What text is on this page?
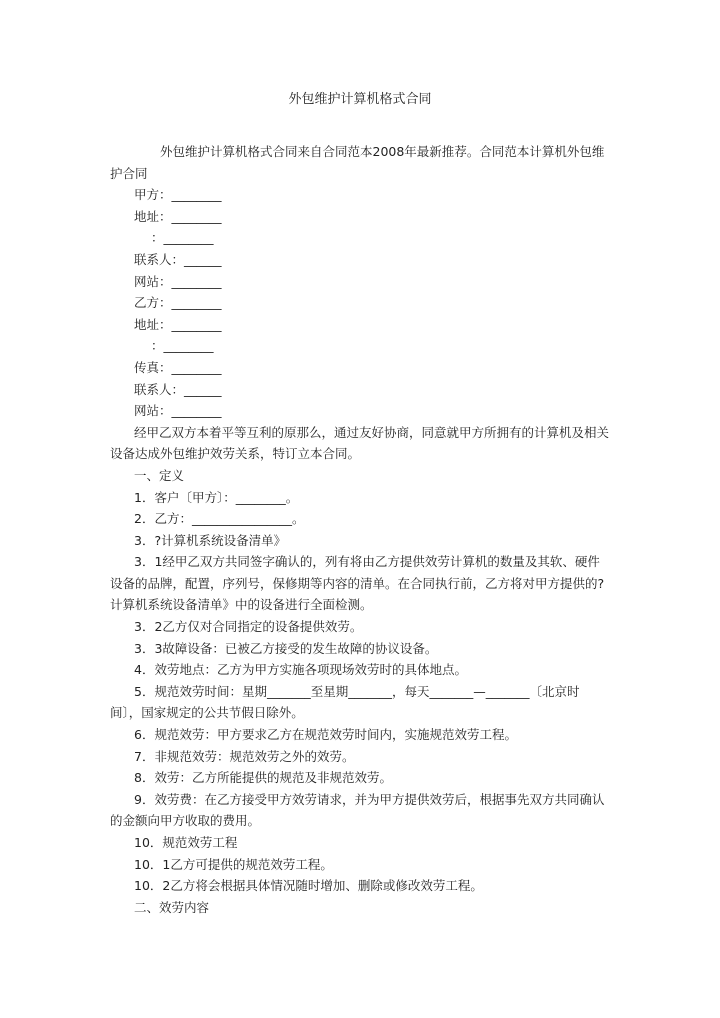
外包维护计算机格式合同
外包维护计算机格式合同来自合同范本2008年最新推荐。合同范本计算机外包维
护合同
甲方：________
地址：________
：________
联系人：______
网站：________
乙方：________
地址：________
：________
传真：________
联系人：______
网站：________
经甲乙双方本着平等互利的原那么，通过友好协商，同意就甲方所拥有的计算机及相关
设备达成外包维护效劳关系，特订立本合同。
一、定义
1．客户〔甲方〕：________。
2．乙方：________________。
3．?计算机系统设备清单》
3．1经甲乙双方共同签字确认的，列有将由乙方提供效劳计算机的数量及其软、硬件
设备的品牌，配置，序列号，保修期等内容的清单。在合同执行前，乙方将对甲方提供的?
计算机系统设备清单》中的设备进行全面检测。
3．2乙方仅对合同指定的设备提供效劳。
3．3故障设备：已被乙方接受的发生故障的协议设备。
4．效劳地点：乙方为甲方实施各项现场效劳时的具体地点。
5．规范效劳时间：星期_______至星期_______，每天_______—_______〔北京时
间〕，国家规定的公共节假日除外。
6．规范效劳：甲方要求乙方在规范效劳时间内，实施规范效劳工程。
7．非规范效劳：规范效劳之外的效劳。
8．效劳：乙方所能提供的规范及非规范效劳。
9．效劳费：在乙方接受甲方效劳请求，并为甲方提供效劳后，根据事先双方共同确认
的金额向甲方收取的费用。
10．规范效劳工程
10．1乙方可提供的规范效劳工程。
10．2乙方将会根据具体情况随时增加、删除或修改效劳工程。
二、效劳内容
